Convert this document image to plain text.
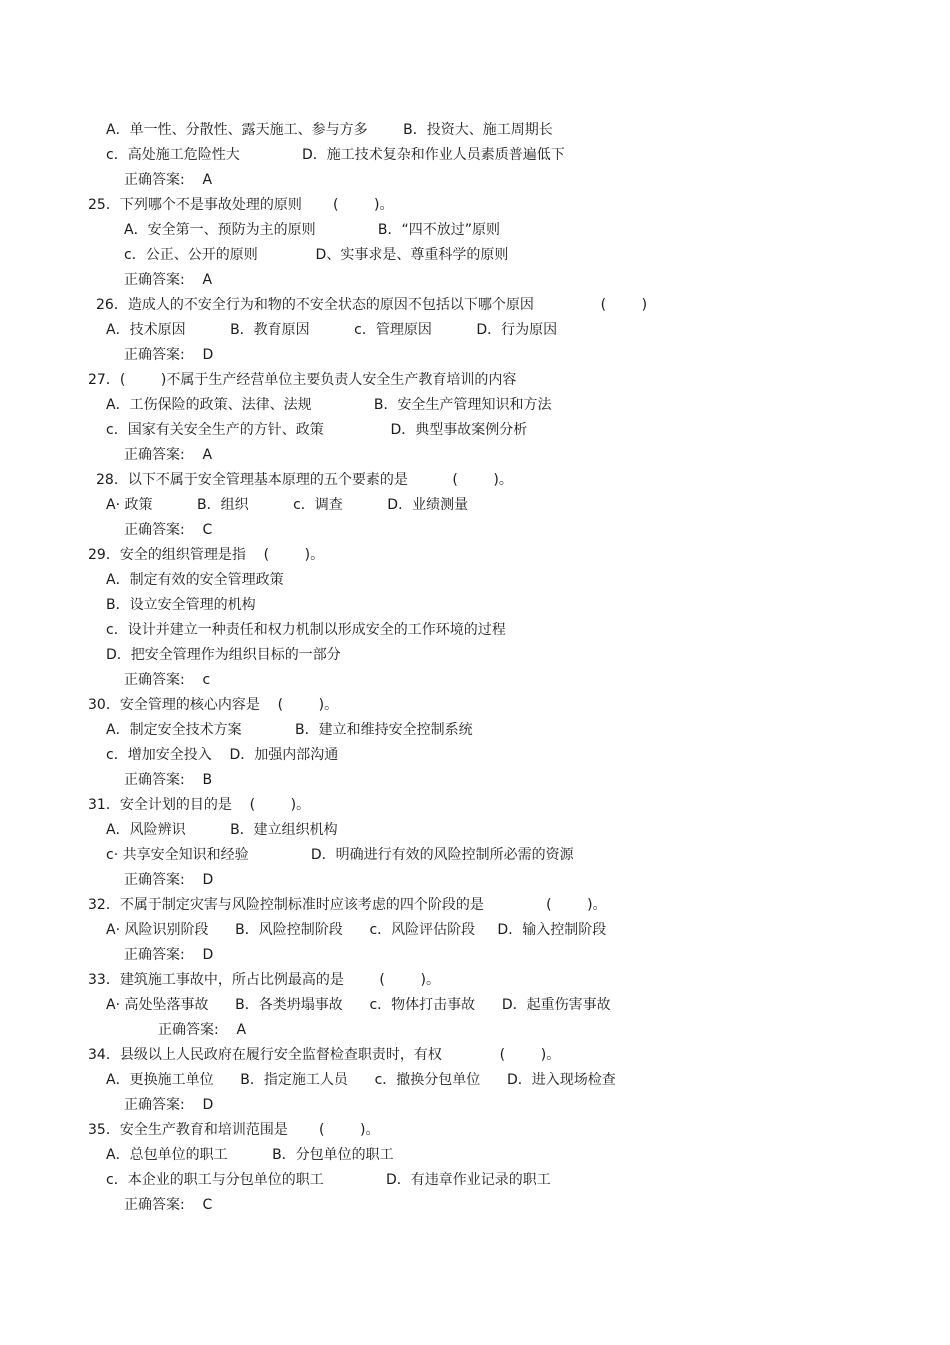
A．单一性、分散性、露天施工、参与方多        B．投资大、施工周期长
c．高处施工危险性大              D．施工技术复杂和作业人员素质普遍低下
正确答案:    A
25．下列哪个不是事故处理的原则       (        )。
A．安全第一、预防为主的原则              B．“四不放过”原则
c．公正、公开的原则             D、实事求是、尊重科学的原则
正确答案:    A
26．造成人的不安全行为和物的不安全状态的原因不包括以下哪个原因               (        )
A．技术原因          B．教育原因          c．管理原因          D．行为原因
正确答案:    D
27．(        )不属于生产经营单位主要负责人安全生产教育培训的内容
A．工伤保险的政策、法律、法规              B．安全生产管理知识和方法
c．国家有关安全生产的方针、政策               D．典型事故案例分析
正确答案:    A
28．以下不属于安全管理基本原理的五个要素的是          (        )。
A· 政策          B．组织          c．调查          D．业绩测量
正确答案:    C
29．安全的组织管理是指    (        )。
A．制定有效的安全管理政策
B．设立安全管理的机构
c．设计并建立一种责任和权力机制以形成安全的工作环境的过程
D．把安全管理作为组织目标的一部分
正确答案:    c
30．安全管理的核心内容是    (        )。
A．制定安全技术方案            B．建立和维持安全控制系统
c．增加安全投入    D．加强内部沟通
正确答案:    B
31．安全计划的目的是    (        )。
A．风险辨识          B．建立组织机构
c· 共享安全知识和经验              D．明确进行有效的风险控制所必需的资源
正确答案:    D
32．不属于制定灾害与风险控制标准时应该考虑的四个阶段的是              (        )。
A· 风险识别阶段      B．风险控制阶段      c．风险评估阶段     D．输入控制阶段
正确答案:    D
33．建筑施工事故中，所占比例最高的是        (        )。
A· 高处坠落事故      B．各类坍塌事故      c．物体打击事故      D．起重伤害事故
正确答案:    A
34．县级以上人民政府在履行安全监督检查职责时，有权             (        )。
A．更换施工单位      B．指定施工人员      c．撤换分包单位      D．进入现场检查
正确答案:    D
35．安全生产教育和培训范围是       (        )。
A．总包单位的职工          B．分包单位的职工
c．本企业的职工与分包单位的职工              D．有违章作业记录的职工
正确答案:    C
